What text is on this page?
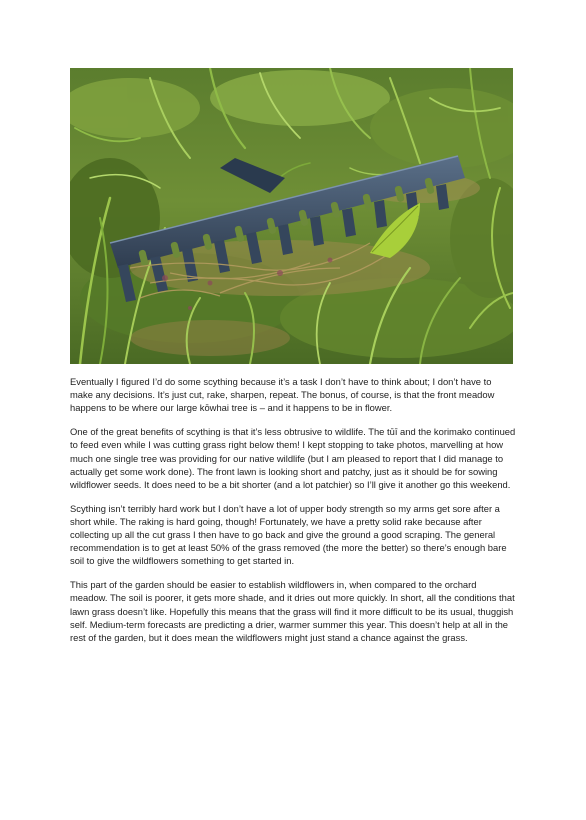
Eventually I figured I’d do some scything because it’s a task I don’t have to think about; I don’t have to make any decisions. It’s just cut, rake, sharpen, repeat. The bonus, of course, is that the front meadow happens to be where our large kōwhai tree is – and it happens to be in flower.

One of the great benefits of scything is that it’s less obtrusive to wildlife. The tūī and the korimako continued to feed even while I was cutting grass right below them! I kept stopping to take photos, marvelling at how much one single tree was providing for our native wildlife (but I am pleased to report that I did manage to actually get some work done). The front lawn is looking short and patchy, just as it should be for sowing wildflower seeds. It does need to be a bit shorter (and a lot patchier) so I’ll give it another go this weekend.

Scything isn’t terribly hard work but I don’t have a lot of upper body strength so my arms get sore after a short while. The raking is hard going, though! Fortunately, we have a pretty solid rake because after collecting up all the cut grass I then have to go back and give the ground a good scraping. The general recommendation is to get at least 50% of the grass removed (the more the better) so there’s enough bare soil to give the wildflowers something to get started in.

This part of the garden should be easier to establish wildflowers in, when compared to the orchard meadow. The soil is poorer, it gets more shade, and it dries out more quickly. In short, all the conditions that lawn grass doesn’t like. Hopefully this means that the grass will find it more difficult to be its usual, thuggish self. Medium-term forecasts are predicting a drier, warmer summer this year. This doesn’t help at all in the rest of the garden, but it does mean the wildflowers might just stand a chance against the grass.
